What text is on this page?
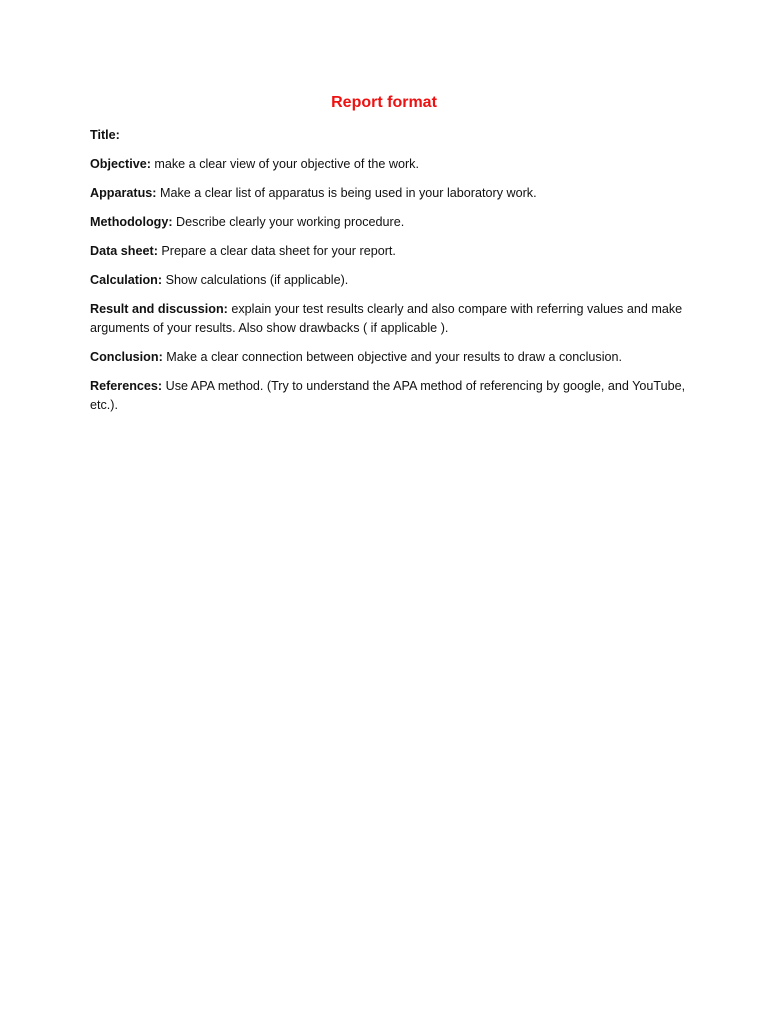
Report format

Title:

Objective: make a clear view of your objective of the work.

Apparatus: Make a clear list of apparatus is being used in your laboratory work.

Methodology: Describe clearly your working procedure.

Data sheet: Prepare a clear data sheet for your report.

Calculation: Show calculations (if applicable).

Result and discussion: explain your test results clearly and also compare with referring values and make arguments of your results. Also show drawbacks ( if applicable ).

Conclusion: Make a clear connection between objective and your results to draw a conclusion.

References: Use APA method. (Try to understand the APA method of referencing by google, and YouTube, etc.).
